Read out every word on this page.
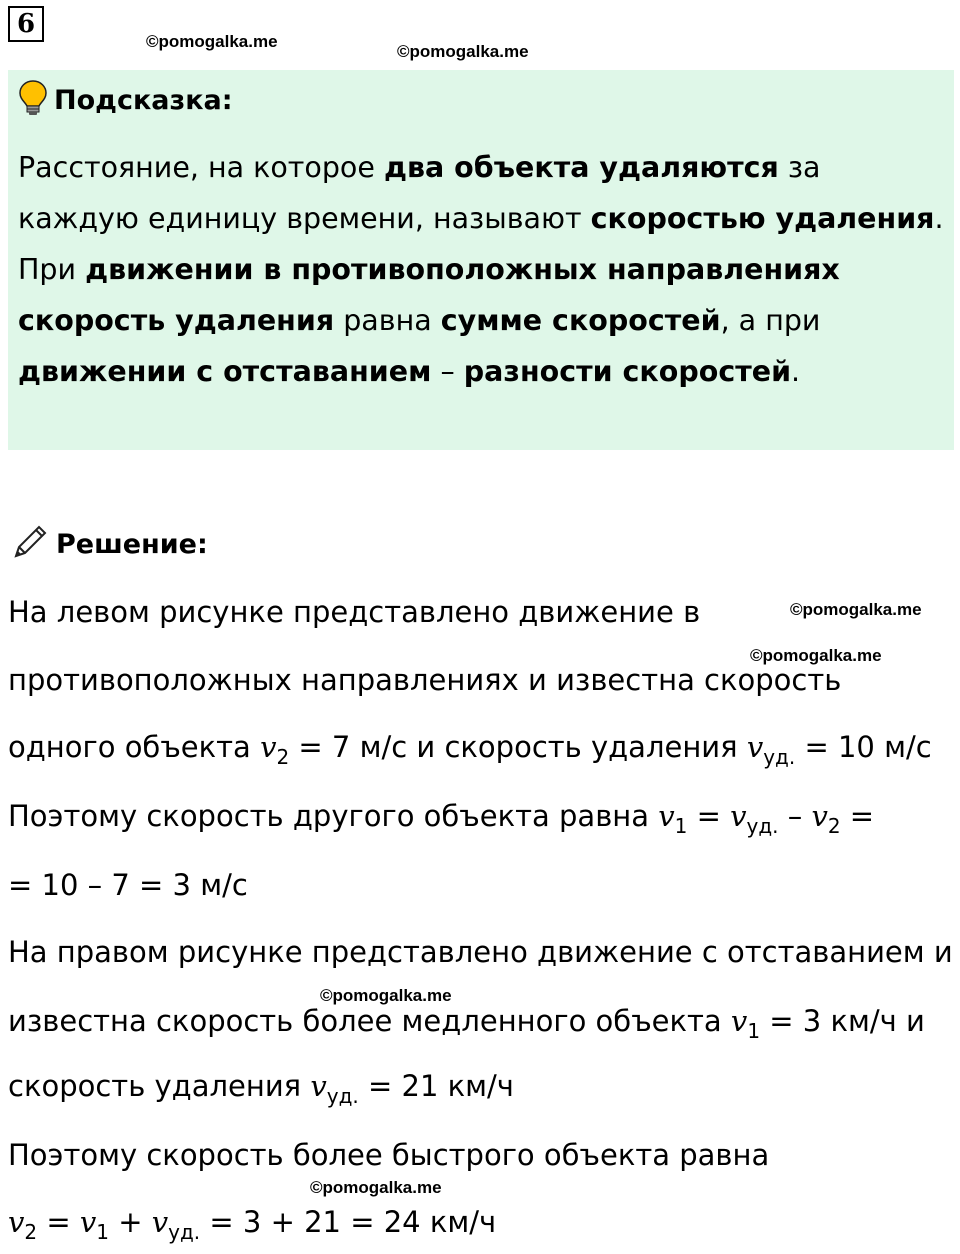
6
©pomogalka.me
©pomogalka.me
Подсказка:
Расстояние, на которое два объекта удаляются за каждую единицу времени, называют скоростью удаления.
При движении в противоположных направлениях скорость удаления равна сумме скоростей, а при движении с отставанием – разности скоростей.
Решение:
©pomogalka.me
©pomogalka.me
На левом рисунке представлено движение в
противоположных направлениях и известна скорость
одного объекта $v_2 = 7$ м/с и скорость удаления $v_{уд.} = 10$ м/с
Поэтому скорость другого объекта равна $v_1 = v_{уд.} - v_2$ =
= 10 – 7 = 3 м/с
На правом рисунке представлено движение с отставанием и
©pomogalka.me
известна скорость более медленного объекта $v_1 = 3$ км/ч и
скорость удаления $v_{уд.} = 21$ км/ч
Поэтому скорость более быстрого объекта равна
©pomogalka.me
$v_2 = v_1 + v_{уд.} = 3 + 21 = 24$ км/ч
